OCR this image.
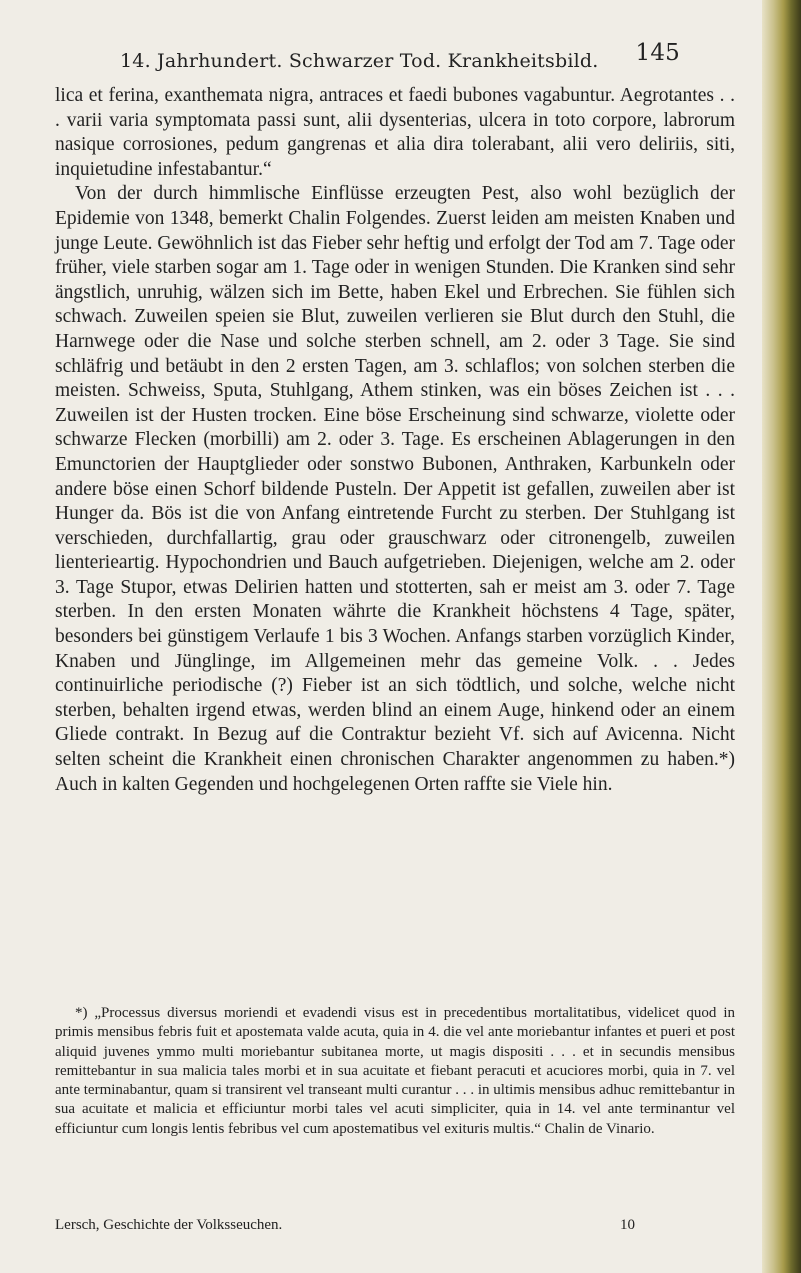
14. Jahrhundert. Schwarzer Tod. Krankheitsbild. 145

lica et ferina, exanthemata nigra, antraces et faedi bubones vagabuntur. Aegrotantes . . . varii varia symptomata passi sunt, alii dysenterias, ulcera in toto corpore, labrorum nasique corrosiones, pedum gangrenas et alia dira tolerabant, alii vero deliriis, siti, inquietudine infestabantur.“

Von der durch himmlische Einflüsse erzeugten Pest, also wohl bezüglich der Epidemie von 1348, bemerkt Chalin Folgendes. Zuerst leiden am meisten Knaben und junge Leute. Gewöhnlich ist das Fieber sehr heftig und erfolgt der Tod am 7. Tage oder früher, viele starben sogar am 1. Tage oder in wenigen Stunden. Die Kranken sind sehr ängstlich, unruhig, wälzen sich im Bette, haben Ekel und Erbrechen. Sie fühlen sich schwach. Zuweilen speien sie Blut, zuweilen verlieren sie Blut durch den Stuhl, die Harnwege oder die Nase und solche sterben schnell, am 2. oder 3 Tage. Sie sind schläfrig und betäubt in den 2 ersten Tagen, am 3. schlaflos; von solchen sterben die meisten. Schweiss, Sputa, Stuhlgang, Athem stinken, was ein böses Zeichen ist . . . Zuweilen ist der Husten trocken. Eine böse Erscheinung sind schwarze, violette oder schwarze Flecken (morbilli) am 2. oder 3. Tage. Es erscheinen Ablagerungen in den Emunctorien der Hauptglieder oder sonstwo Bubonen, Anthraken, Karbunkeln oder andere böse einen Schorf bildende Pusteln. Der Appetit ist gefallen, zuweilen aber ist Hunger da. Bös ist die von Anfang eintretende Furcht zu sterben. Der Stuhlgang ist verschieden, durchfallartig, grau oder grauschwarz oder citronengelb, zuweilen lienterieartig. Hypochondrien und Bauch aufgetrieben. Diejenigen, welche am 2. oder 3. Tage Stupor, etwas Delirien hatten und stotterten, sah er meist am 3. oder 7. Tage sterben. In den ersten Monaten währte die Krankheit höchstens 4 Tage, später, besonders bei günstigem Verlaufe 1 bis 3 Wochen. Anfangs starben vorzüglich Kinder, Knaben und Jünglinge, im Allgemeinen mehr das gemeine Volk. . . Jedes continuirliche periodische (?) Fieber ist an sich tödtlich, und solche, welche nicht sterben, behalten irgend etwas, werden blind an einem Auge, hinkend oder an einem Gliede contrakt. In Bezug auf die Contraktur bezieht Vf. sich auf Avicenna. Nicht selten scheint die Krankheit einen chronischen Charakter angenommen zu haben.*) Auch in kalten Gegenden und hochgelegenen Orten raffte sie Viele hin.

*) „Processus diversus moriendi et evadendi visus est in precedentibus mortalitatibus, videlicet quod in primis mensibus febris fuit et apostemata valde acuta, quia in 4. die vel ante moriebantur infantes et pueri et post aliquid juvenes ymmo multi moriebantur subitanea morte, ut magis dispositi . . . et in secundis mensibus remittebantur in sua malicia tales morbi et in sua acuitate et fiebant peracuti et acuciores morbi, quia in 7. vel ante terminabantur, quam si transirent vel transeant multi curantur . . . in ultimis mensibus adhuc remittebantur in sua acuitate et malicia et efficiuntur morbi tales vel acuti simpliciter, quia in 14. vel ante terminantur vel efficiuntur cum longis lentis febribus vel cum apostematibus vel exituris multis.“ Chalin de Vinario.
Lersch, Geschichte der Volksseuchen.	10
